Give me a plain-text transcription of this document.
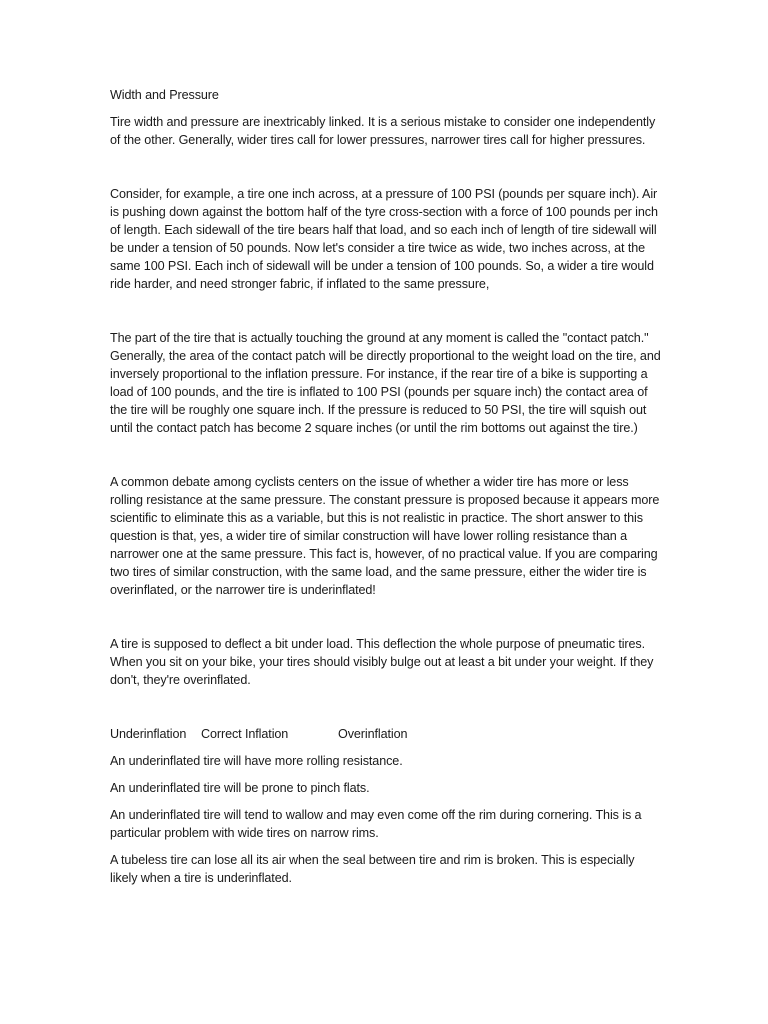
Width and Pressure

Tire width and pressure are inextricably linked. It is a serious mistake to consider one independently of the other. Generally, wider tires call for lower pressures, narrower tires call for higher pressures.

Consider, for example, a tire one inch across, at a pressure of 100 PSI (pounds per square inch). Air is pushing down against the bottom half of the tyre cross-section with a force of 100 pounds per inch of length. Each sidewall of the tire bears half that load, and so each inch of length of tire sidewall will be under a tension of 50 pounds. Now let's consider a tire twice as wide, two inches across, at the same 100 PSI. Each inch of sidewall will be under a tension of 100 pounds. So, a wider a tire would ride harder, and need stronger fabric, if inflated to the same pressure,

The part of the tire that is actually touching the ground at any moment is called the "contact patch." Generally, the area of the contact patch will be directly proportional to the weight load on the tire, and inversely proportional to the inflation pressure. For instance, if the rear tire of a bike is supporting a load of 100 pounds, and the tire is inflated to 100 PSI (pounds per square inch) the contact area of the tire will be roughly one square inch. If the pressure is reduced to 50 PSI, the tire will squish out until the contact patch has become 2 square inches (or until the rim bottoms out against the tire.)

A common debate among cyclists centers on the issue of whether a wider tire has more or less rolling resistance at the same pressure. The constant pressure is proposed because it appears more scientific to eliminate this as a variable, but this is not realistic in practice. The short answer to this question is that, yes, a wider tire of similar construction will have lower rolling resistance than a narrower one at the same pressure. This fact is, however, of no practical value. If you are comparing two tires of similar construction, with the same load, and the same pressure, either the wider tire is overinflated, or the narrower tire is underinflated!

A tire is supposed to deflect a bit under load. This deflection the whole purpose of pneumatic tires. When you sit on your bike, your tires should visibly bulge out at least a bit under your weight. If they don't, they're overinflated.

Underinflation Correct Inflation	Overinflation

An underinflated tire will have more rolling resistance.

An underinflated tire will be prone to pinch flats.

An underinflated tire will tend to wallow and may even come off the rim during cornering. This is a particular problem with wide tires on narrow rims.

A tubeless tire can lose all its air when the seal between tire and rim is broken. This is especially likely when a tire is underinflated.
